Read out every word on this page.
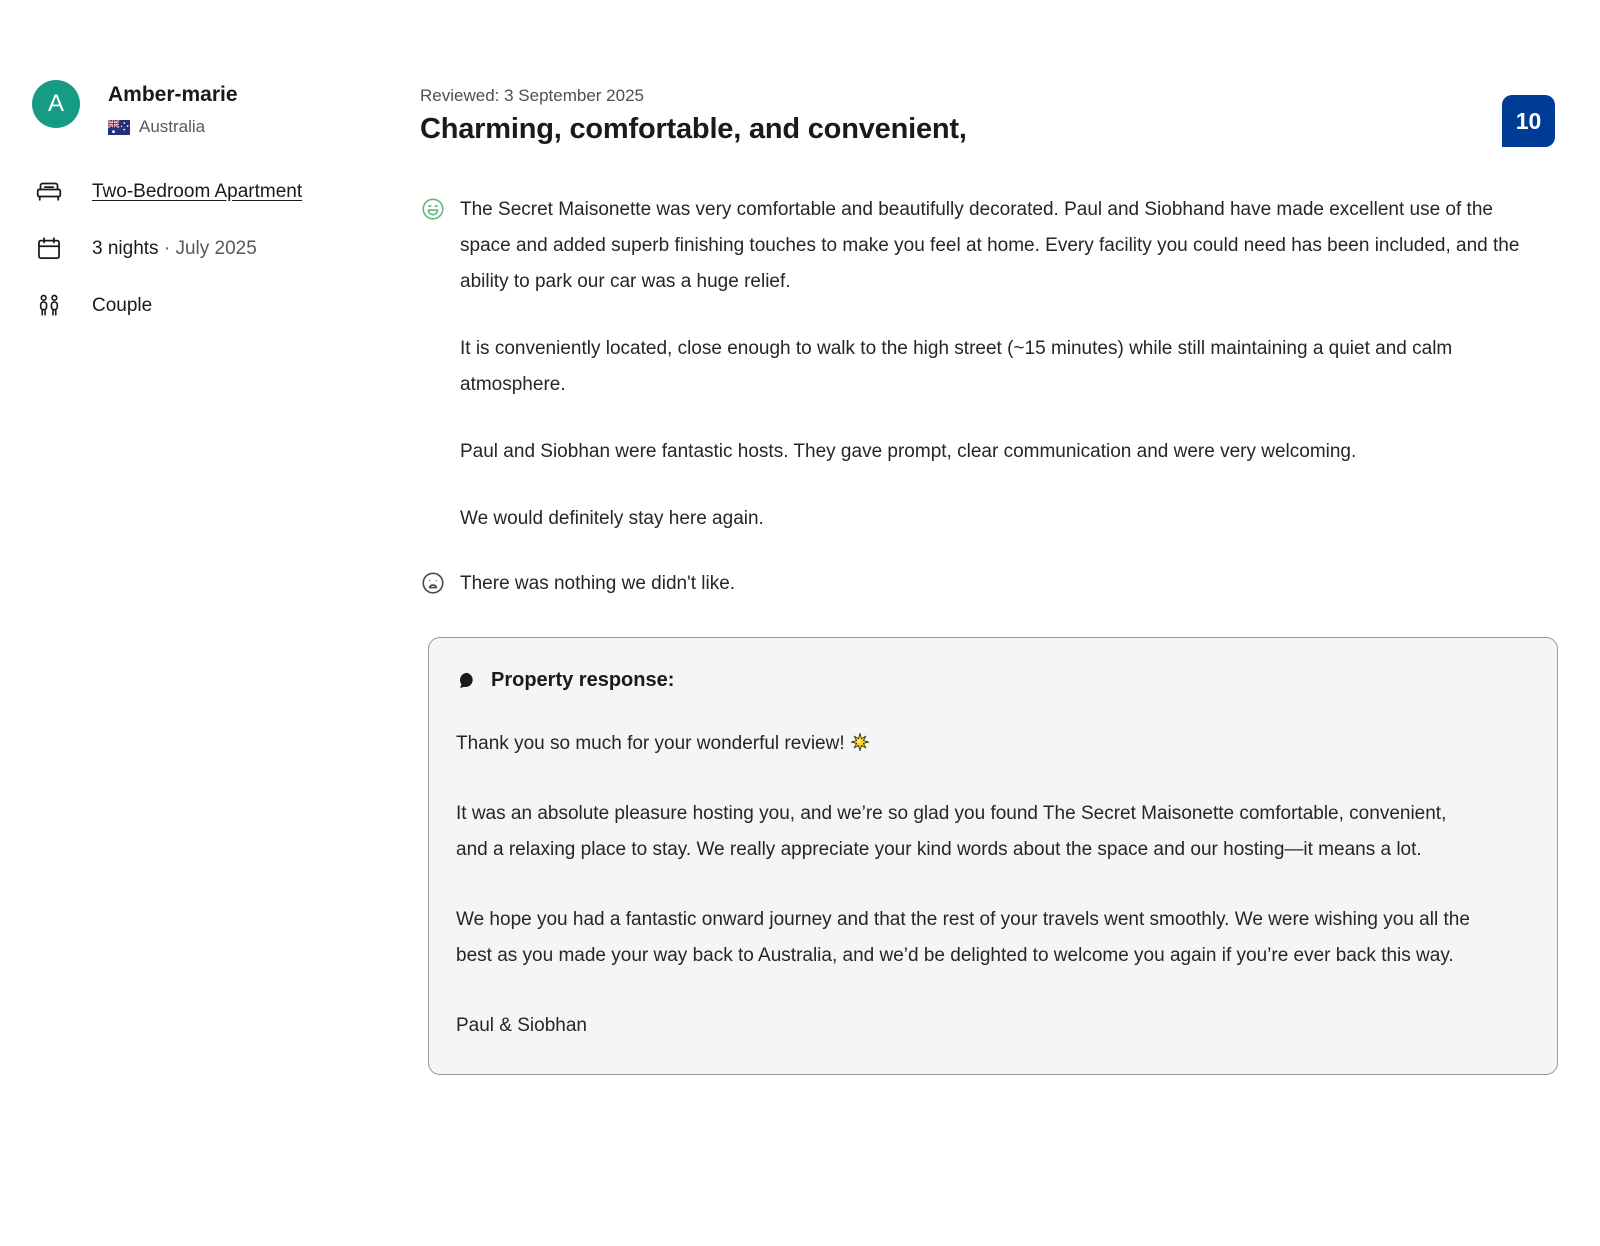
A	Amber-marie
Australia
Two-Bedroom Apartment
3 nights · July 2025
Couple
Reviewed: 3 September 2025
Charming, comfortable, and convenient,

The Secret Maisonette was very comfortable and beautifully decorated. Paul and Siobhand have made excellent use of the space and added superb finishing touches to make you feel at home. Every facility you could need has been included, and the ability to park our car was a huge relief.

It is conveniently located, close enough to walk to the high street (~15 minutes) while still maintaining a quiet and calm atmosphere.

Paul and Siobhan were fantastic hosts. They gave prompt, clear communication and were very welcoming.

We would definitely stay here again.

There was nothing we didn't like.

Property response:

Thank you so much for your wonderful review!

It was an absolute pleasure hosting you, and we’re so glad you found The Secret Maisonette comfortable, convenient, and a relaxing place to stay. We really appreciate your kind words about the space and our hosting—it means a lot.

We hope you had a fantastic onward journey and that the rest of your travels went smoothly. We were wishing you all the best as you made your way back to Australia, and we’d be delighted to welcome you again if you’re ever back this way.

Paul & Siobhan

10
